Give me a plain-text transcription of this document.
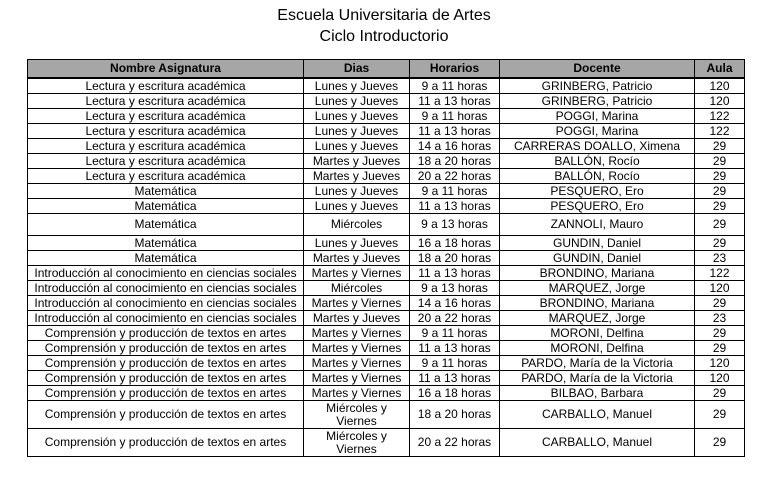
Escuela Universitaria de Artes
Ciclo Introductorio
Nombre Asignatura	Dias	Horarios	Docente	Aula
Lectura y escritura académica	Lunes y Jueves	9 a 11 horas	GRINBERG, Patricio	120
Lectura y escritura académica	Lunes y Jueves	11 a 13 horas	GRINBERG, Patricio	120
Lectura y escritura académica	Lunes y Jueves	9 a 11 horas	POGGI, Marina	122
Lectura y escritura académica	Lunes y Jueves	11 a 13 horas	POGGI, Marina	122
Lectura y escritura académica	Lunes y Jueves	14 a 16 horas	CARRERAS DOALLO, Ximena	29
Lectura y escritura académica	Martes y Jueves	18 a 20 horas	BALLÓN, Rocío	29
Lectura y escritura académica	Martes y Jueves	20 a 22 horas	BALLÓN, Rocío	29
Matemática	Lunes y Jueves	9 a 11 horas	PESQUERO, Ero	29
Matemática	Lunes y Jueves	11 a 13 horas	PESQUERO, Ero	29
Matemática	Miércoles	9 a 13 horas	ZANNOLI, Mauro	29
Matemática	Lunes y Jueves	16 a 18 horas	GUNDIN, Daniel	29
Matemática	Martes y Jueves	18 a 20 horas	GUNDIN, Daniel	23
Introducción al conocimiento en ciencias sociales	Martes y Viernes	11 a 13 horas	BRONDINO, Mariana	122
Introducción al conocimiento en ciencias sociales	Miércoles	9 a 13 horas	MARQUEZ, Jorge	120
Introducción al conocimiento en ciencias sociales	Martes y Viernes	14 a 16 horas	BRONDINO, Mariana	29
Introducción al conocimiento en ciencias sociales	Martes y Jueves	20 a 22 horas	MARQUEZ, Jorge	23
Comprensión y producción de textos en artes	Martes y Viernes	9 a 11 horas	MORONI, Delfina	29
Comprensión y producción de textos en artes	Martes y Viernes	11 a 13 horas	MORONI, Delfina	29
Comprensión y producción de textos en artes	Martes y Viernes	9 a 11 horas	PARDO, María de la Victoria	120
Comprensión y producción de textos en artes	Martes y Viernes	11 a 13 horas	PARDO, María de la Victoria	120
Comprensión y producción de textos en artes	Martes y Viernes	16 a 18 horas	BILBAO, Barbara	29
Comprensión y producción de textos en artes	Miércoles y Viernes	18 a 20 horas	CARBALLO, Manuel	29
Comprensión y producción de textos en artes	Miércoles y Viernes	20 a 22 horas	CARBALLO, Manuel	29
